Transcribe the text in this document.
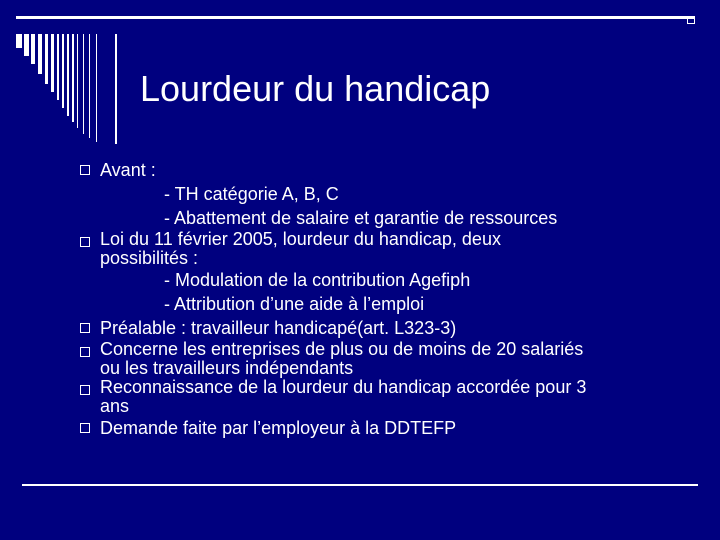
Lourdeur du handicap
Avant :
- TH catégorie A, B, C
- Abattement de salaire et garantie de ressources
Loi du 11 février 2005, lourdeur du handicap, deux
possibilités :
- Modulation de la contribution Agefiph
- Attribution d’une aide à l’emploi
Préalable : travailleur handicapé(art. L323-3)
Concerne les entreprises de plus ou de moins de 20 salariés
ou les travailleurs indépendants
Reconnaissance de la lourdeur du handicap accordée pour 3
ans
Demande faite par l’employeur à la DDTEFP
